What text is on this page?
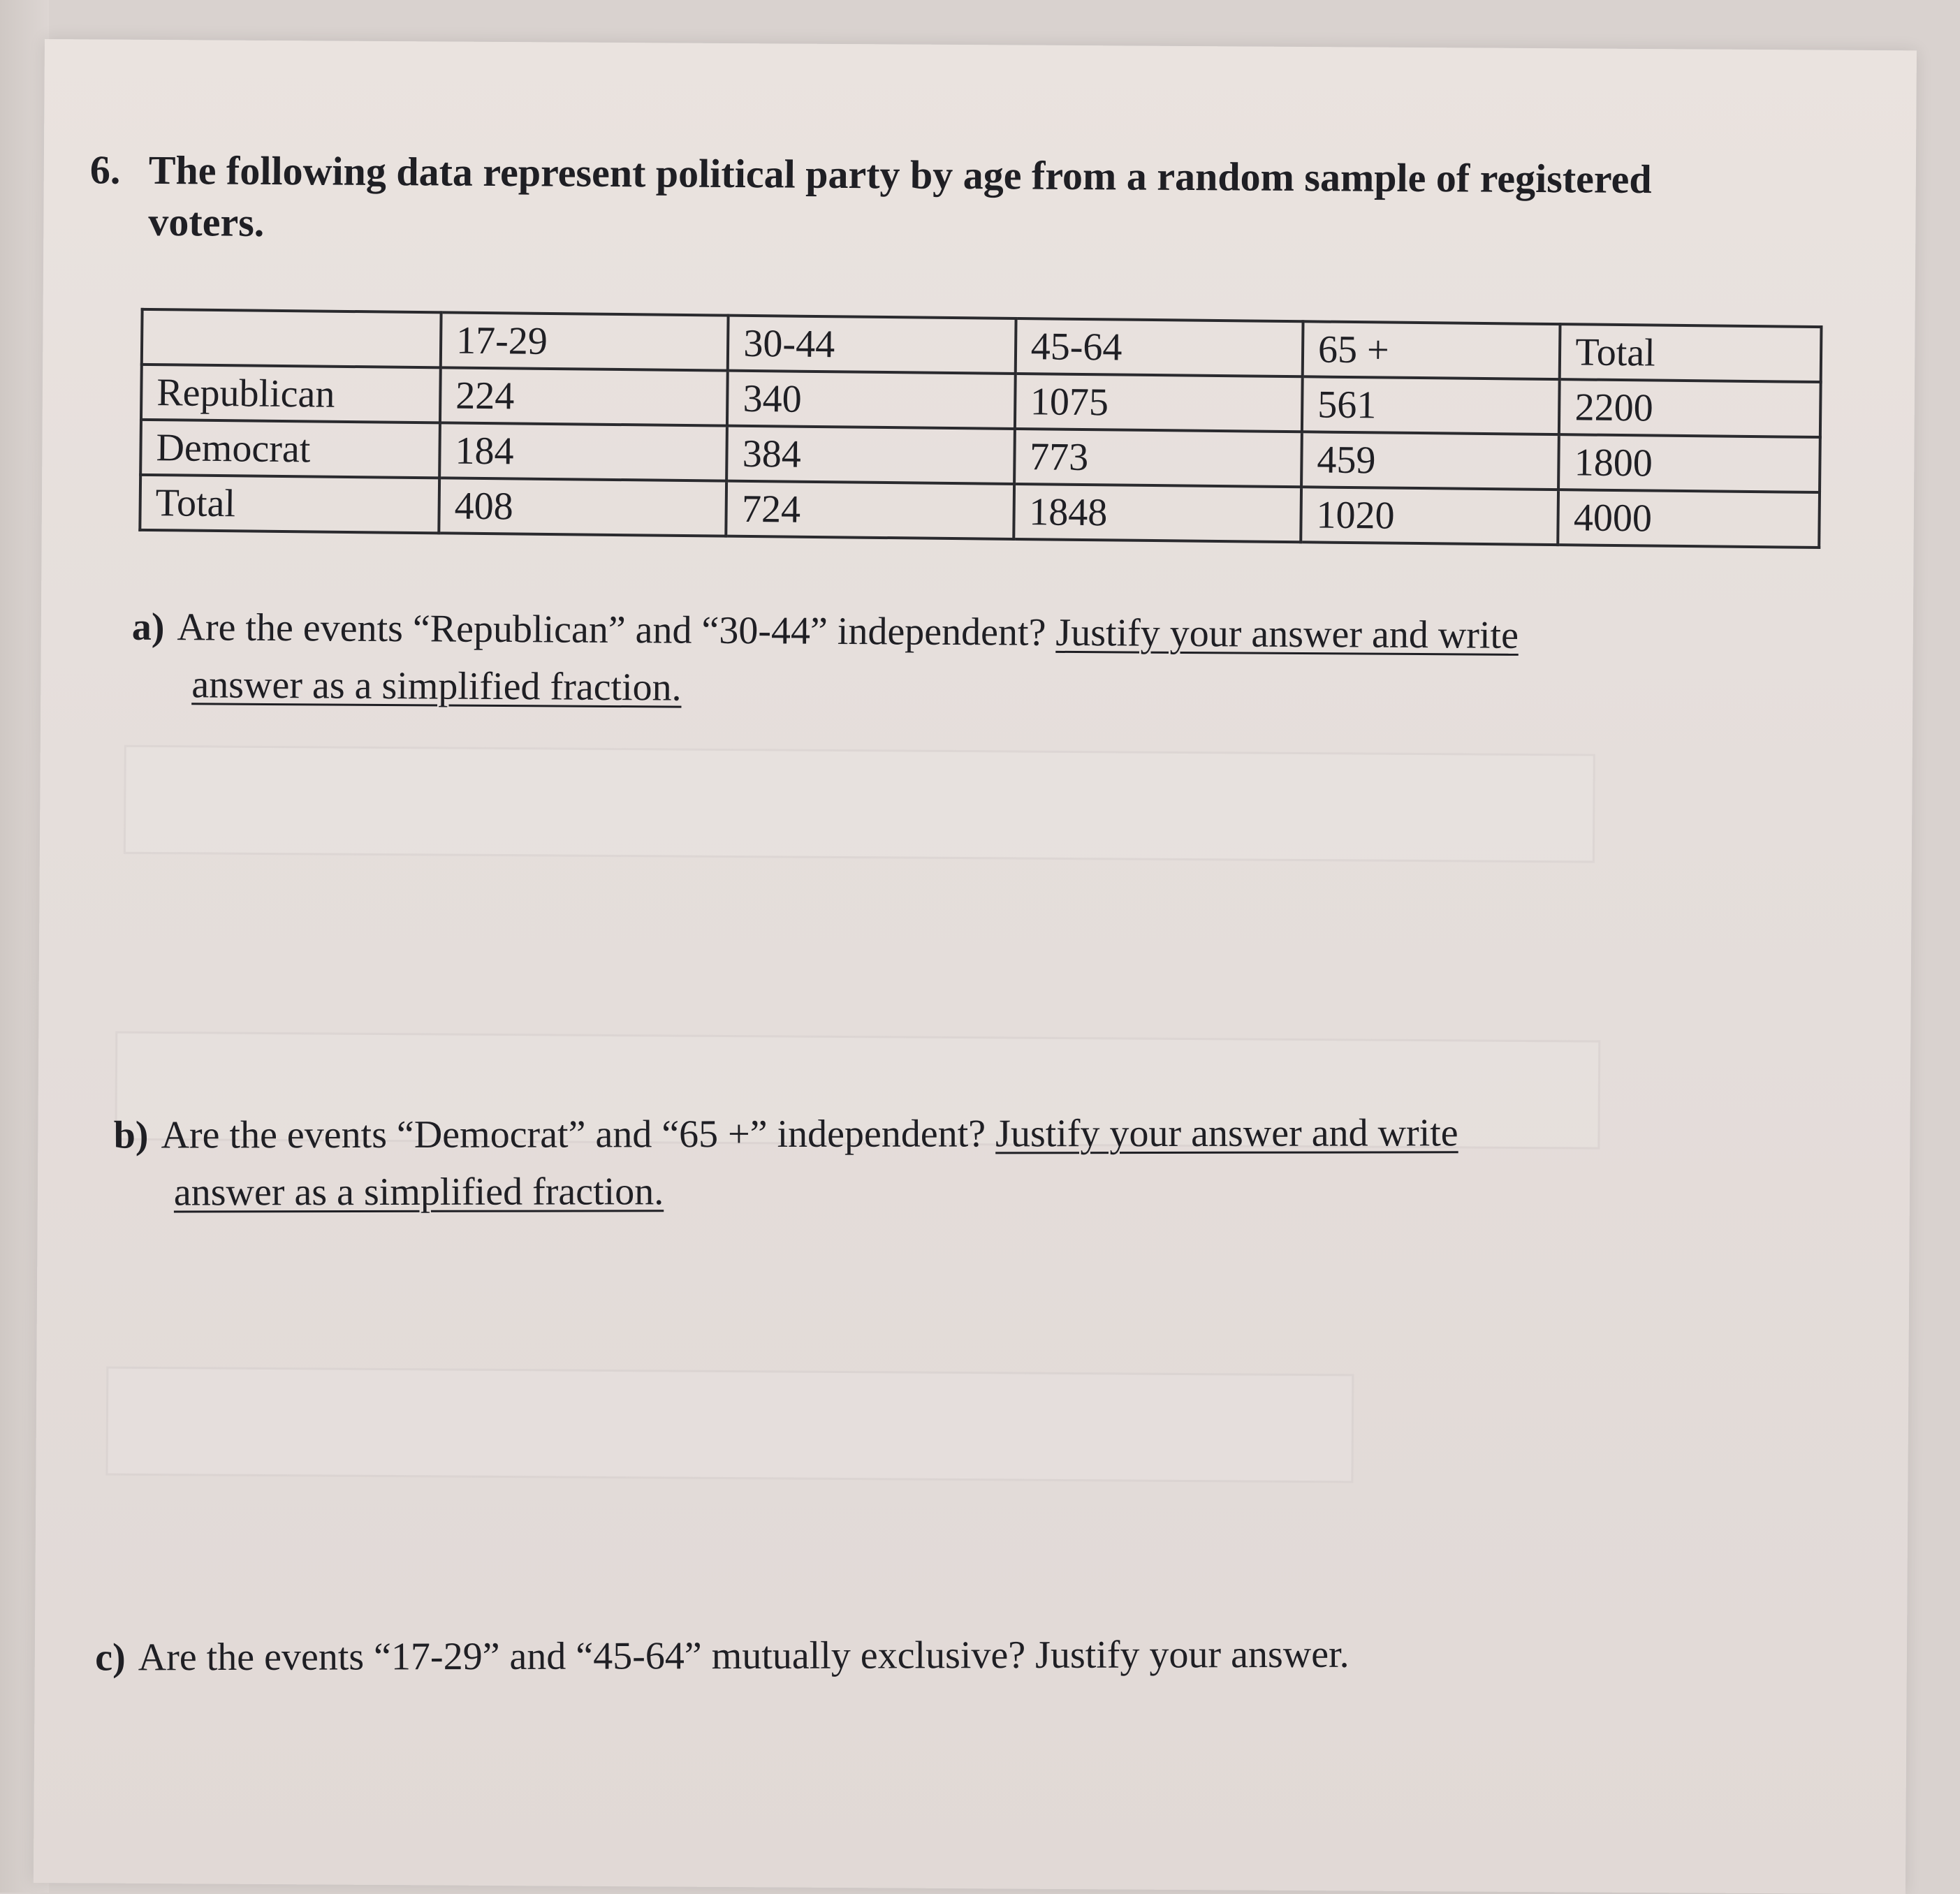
6. The following data represent political party by age from a random sample of registered voters.

	17-29	30-44	45-64	65 +	Total
Republican	224	340	1075	561	2200
Democrat	184	384	773	459	1800
Total	408	724	1848	1020	4000

a) Are the events “Republican” and “30-44” independent? Justify your answer and write
answer as a simplified fraction.

b) Are the events “Democrat” and “65 +” independent? Justify your answer and write
answer as a simplified fraction.

c) Are the events “17-29” and “45-64” mutually exclusive? Justify your answer.
